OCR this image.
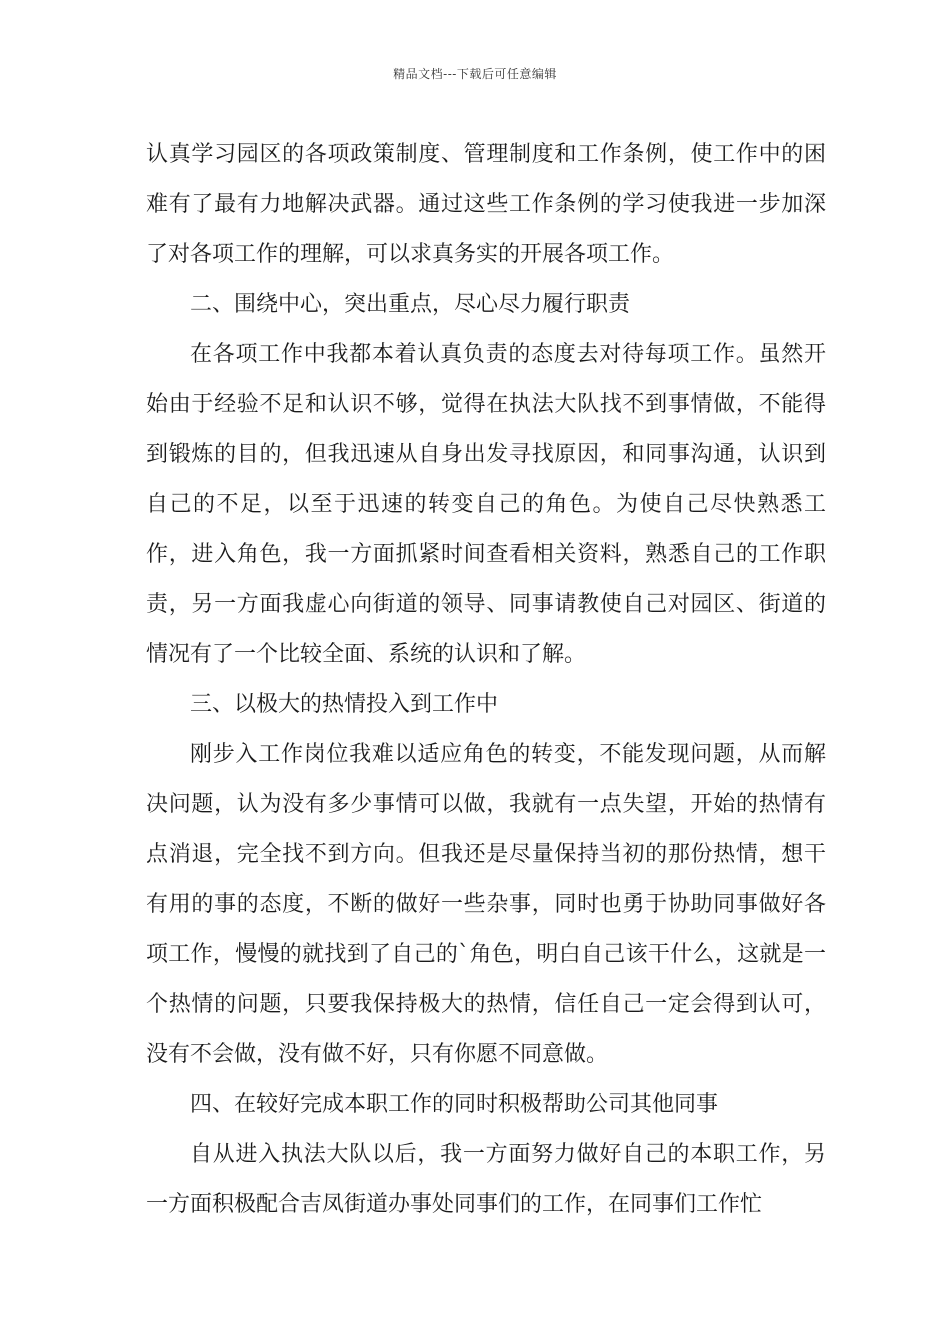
精品文档---下载后可任意编辑

认真学习园区的各项政策制度、管理制度和工作条例，使工作中的困难有了最有力地解决武器。通过这些工作条例的学习使我进一步加深了对各项工作的理解，可以求真务实的开展各项工作。

二、围绕中心，突出重点，尽心尽力履行职责

在各项工作中我都本着认真负责的态度去对待每项工作。虽然开始由于经验不足和认识不够，觉得在执法大队找不到事情做，不能得到锻炼的目的，但我迅速从自身出发寻找原因，和同事沟通，认识到自己的不足，以至于迅速的转变自己的角色。为使自己尽快熟悉工作，进入角色，我一方面抓紧时间查看相关资料，熟悉自己的工作职责，另一方面我虚心向街道的领导、同事请教使自己对园区、街道的情况有了一个比较全面、系统的认识和了解。

三、以极大的热情投入到工作中

刚步入工作岗位我难以适应角色的转变，不能发现问题，从而解决问题，认为没有多少事情可以做，我就有一点失望，开始的热情有点消退，完全找不到方向。但我还是尽量保持当初的那份热情，想干有用的事的态度，不断的做好一些杂事，同时也勇于协助同事做好各项工作，慢慢的就找到了自己的`角色，明白自己该干什么，这就是一个热情的问题，只要我保持极大的热情，信任自己一定会得到认可，没有不会做，没有做不好，只有你愿不同意做。

四、在较好完成本职工作的同时积极帮助公司其他同事

自从进入执法大队以后，我一方面努力做好自己的本职工作，另一方面积极配合吉凤街道办事处同事们的工作，在同事们工作忙
